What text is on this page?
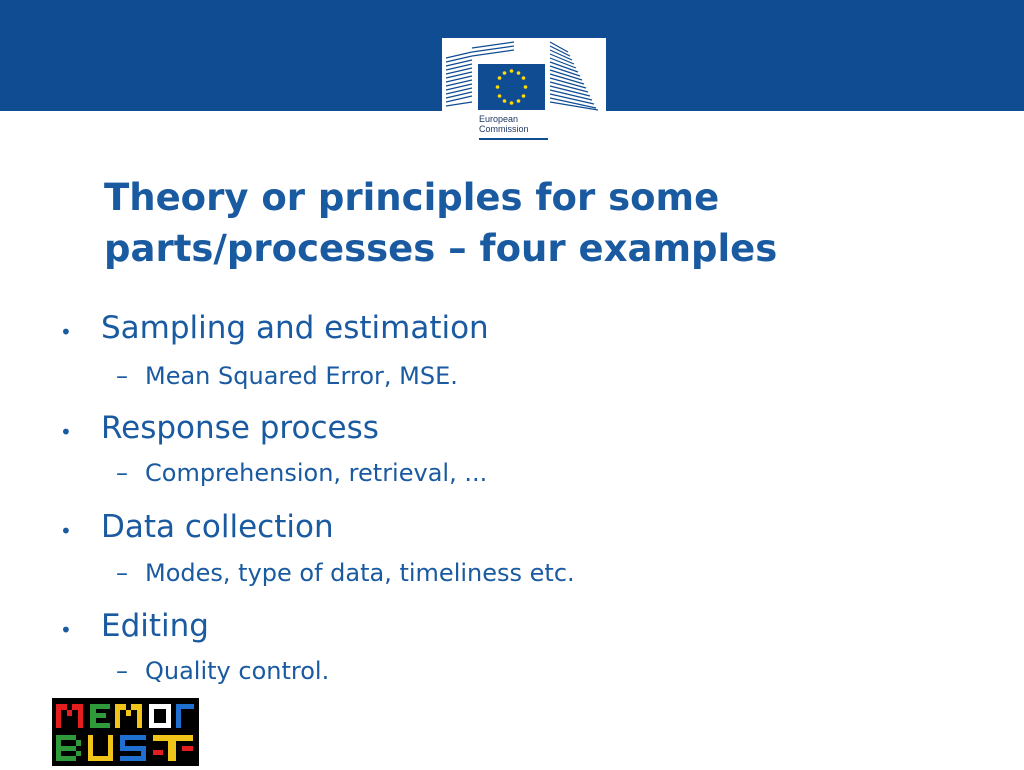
European
Commission
Theory or principles for some
parts/processes – four examples
• Sampling and estimation
– Mean Squared Error, MSE.
• Response process
– Comprehension, retrieval, ...
• Data collection
– Modes, type of data, timeliness etc.
• Editing
– Quality control.
